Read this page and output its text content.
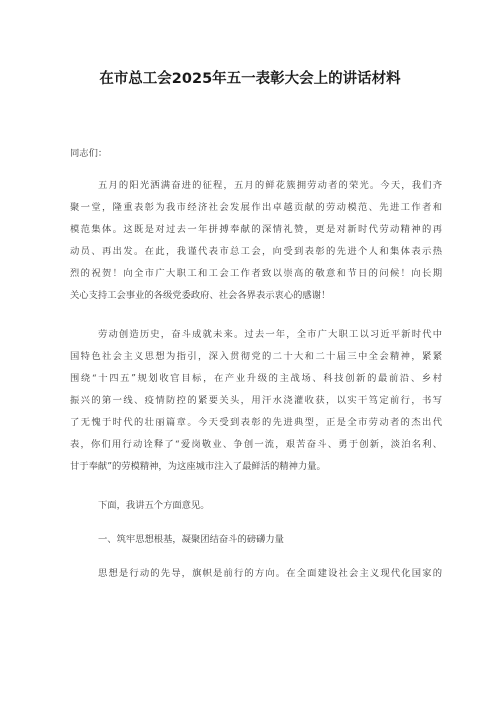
在市总工会2025年五一表彰大会上的讲话材料
同志们：
五月的阳光洒满奋进的征程，五月的鲜花簇拥劳动者的荣光。今天，我们齐
聚一堂，隆重表彰为我市经济社会发展作出卓越贡献的劳动模范、先进工作者和
模范集体。这既是对过去一年拼搏奉献的深情礼赞，更是对新时代劳动精神的再
动员、再出发。在此，我谨代表市总工会，向受到表彰的先进个人和集体表示热
烈的祝贺！向全市广大职工和工会工作者致以崇高的敬意和节日的问候！向长期
关心支持工会事业的各级党委政府、社会各界表示衷心的感谢！
劳动创造历史，奋斗成就未来。过去一年，全市广大职工以习近平新时代中
国特色社会主义思想为指引，深入贯彻党的二十大和二十届三中全会精神，紧紧
围绕“十四五”规划收官目标，在产业升级的主战场、科技创新的最前沿、乡村
振兴的第一线、疫情防控的紧要关头，用汗水浇灌收获，以实干笃定前行，书写
了无愧于时代的壮丽篇章。今天受到表彰的先进典型，正是全市劳动者的杰出代
表，你们用行动诠释了“爱岗敬业、争创一流，艰苦奋斗、勇于创新，淡泊名利、
甘于奉献”的劳模精神，为这座城市注入了最鲜活的精神力量。
下面，我讲五个方面意见。
一、筑牢思想根基，凝聚团结奋斗的磅礴力量
思想是行动的先导，旗帜是前行的方向。在全面建设社会主义现代化国家的
